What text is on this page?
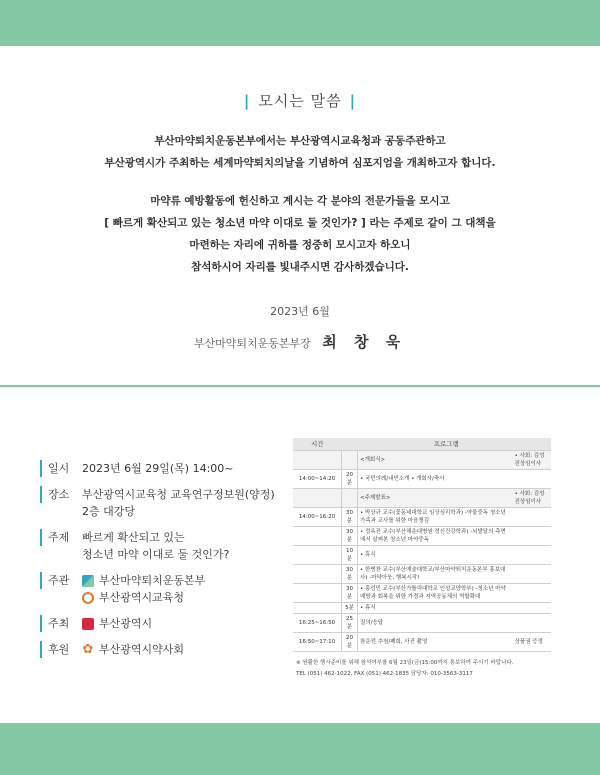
| 모시는 말씀 |
부산마약퇴치운동본부에서는 부산광역시교육청과 공동주관하고
부산광역시가 주최하는 세계마약퇴치의날을 기념하여 심포지엄을 개최하고자 합니다.
마약류 예방활동에 헌신하고 계시는 각 분야의 전문가들을 모시고
[ 빠르게 확산되고 있는 청소년 마약 이대로 둘 것인가? ] 라는 주제로 같이 그 대책을
마련하는 자리에 귀하를 정중히 모시고자 하오니
참석하시어 자리를 빛내주시면 감사하겠습니다.
2023년 6월
부산마약퇴치운동본부장 최 창 욱
일시	2023년 6월 29일(목) 14:00~
장소	부산광역시교육청 교육연구정보원(양정)
2층 대강당
주제	빠르게 확산되고 있는
청소년 마약 이대로 둘 것인가?
주관	부산마약퇴치운동본부
부산광역시교육청
주최	부산광역시
후원	✿ 부산광역시약사회
시간	프로그램		
		<개회식>	• 사회: 김성진상임이사
14:00~14:20	20분	• 국민의례/내빈소개 • 개회사/축사	
		<주제발표>	• 사회: 김성진상임이사
14:00~16:20	30분	• 박상규 교수(꽃동네대학교 임상심리학과) -약물중독 청소년 가족과 교사를 위한 마음챙김	
	30분	• 정옥진 교수(부산해운대병원 정신건강학과) -뇌발달의 측면에서 살펴본 청소년 마약중독	
	10분	• 휴식	
	30분	• 한병찬 교수(부산예술대학교/부산마약퇴치운동본부 홍보대사) -마약아웃, 행복시작!	
	30분	• 홍성민 교수(부산가톨릭대학교 인성교양학부) -청소년 마약예방과 회복을 위한 가정과 지역공동체의 역할확대	
	5분	• 휴식	
16:25~16:50	25분	질의/응답	
16:50~17:10	20분	참운전 추첨/폐회, 사진 촬영	상품권 증정
※ 원활한 행사준비를 위해 참석여부를 6월 23일(금)15:00까지 통보하여 주시기 바랍니다.
TEL (051) 462-1022, FAX (051) 462-1835 담당자: 010-3563-3117
